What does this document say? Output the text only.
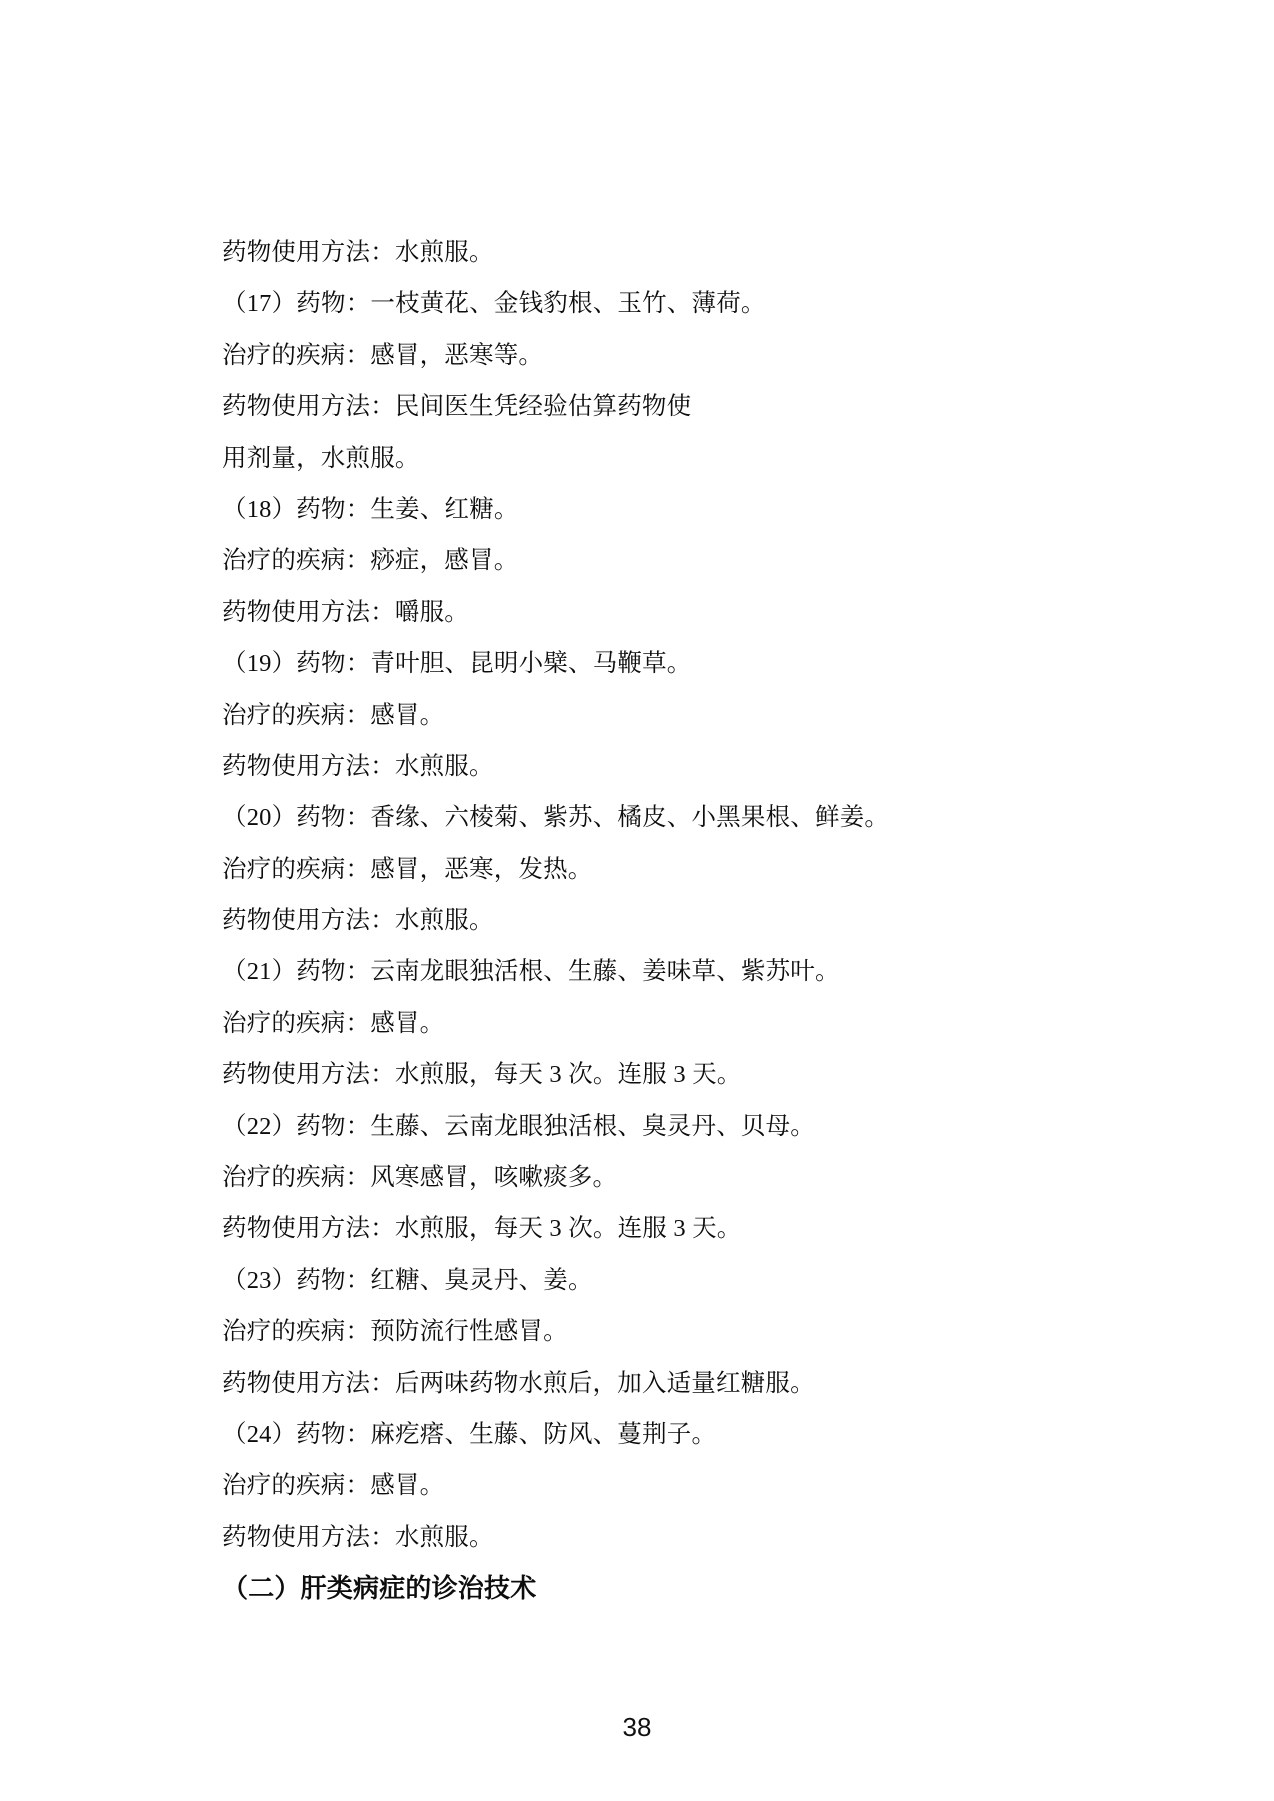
药物使用方法：水煎服。
（17）药物：一枝黄花、金钱豹根、玉竹、薄荷。
治疗的疾病：感冒，恶寒等。
药物使用方法：民间医生凭经验估算药物使
用剂量，水煎服。
（18）药物：生姜、红糖。
治疗的疾病：痧症，感冒。
药物使用方法：嚼服。
（19）药物：青叶胆、昆明小檗、马鞭草。
治疗的疾病：感冒。
药物使用方法：水煎服。
（20）药物：香缘、六棱菊、紫苏、橘皮、小黑果根、鲜姜。
治疗的疾病：感冒，恶寒，发热。
药物使用方法：水煎服。
（21）药物：云南龙眼独活根、生藤、姜味草、紫苏叶。
治疗的疾病：感冒。
药物使用方法：水煎服，每天 3 次。连服 3 天。
（22）药物：生藤、云南龙眼独活根、臭灵丹、贝母。
治疗的疾病：风寒感冒，咳嗽痰多。
药物使用方法：水煎服，每天 3 次。连服 3 天。
（23）药物：红糖、臭灵丹、姜。
治疗的疾病：预防流行性感冒。
药物使用方法：后两味药物水煎后，加入适量红糖服。
（24）药物：麻疙瘩、生藤、防风、蔓荆子。
治疗的疾病：感冒。
药物使用方法：水煎服。
（二）肝类病症的诊治技术
38
